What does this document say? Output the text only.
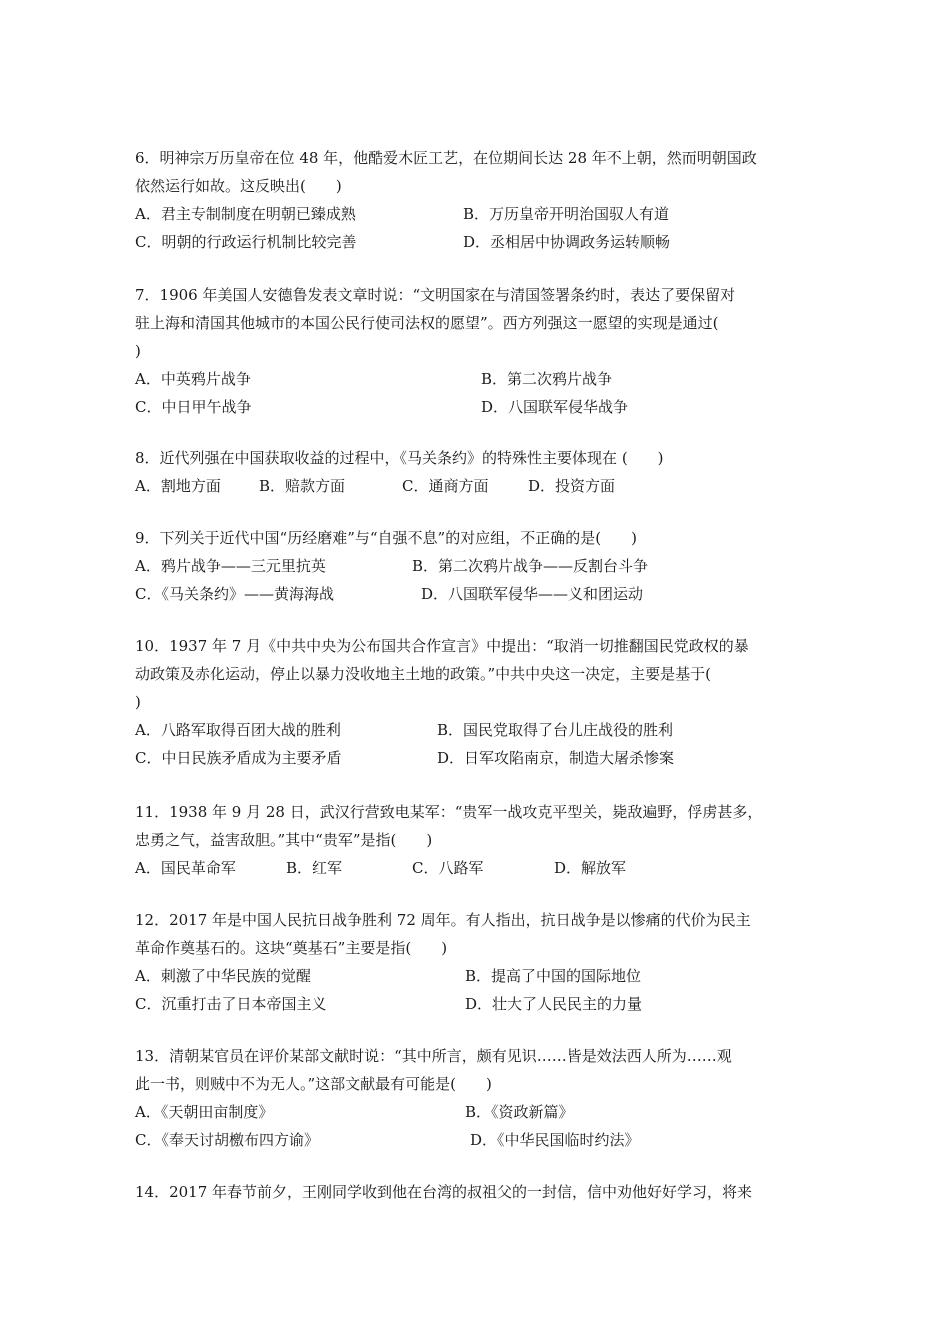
6．明神宗万历皇帝在位 48 年，他酷爱木匠工艺，在位期间长达 28 年不上朝，然而明朝国政
依然运行如故。这反映出(　　)
A．君主专制制度在明朝已臻成熟	B．万历皇帝开明治国驭人有道
C．明朝的行政运行机制比较完善	D．丞相居中协调政务运转顺畅
7．1906 年美国人安德鲁发表文章时说：“文明国家在与清国签署条约时，表达了要保留对
驻上海和清国其他城市的本国公民行使司法权的愿望”。西方列强这一愿望的实现是通过(
)
A．中英鸦片战争	B．第二次鸦片战争
C．中日甲午战争	D．八国联军侵华战争
8．近代列强在中国获取收益的过程中，《马关条约》的特殊性主要体现在 (　　)
A．割地方面	B．赔款方面	C．通商方面	D．投资方面
9．下列关于近代中国“历经磨难”与“自强不息”的对应组，不正确的是(　　)
A．鸦片战争——三元里抗英	B．第二次鸦片战争——反割台斗争
C．《马关条约》——黄海海战	D．八国联军侵华——义和团运动
10．1937 年 7 月《中共中央为公布国共合作宣言》中提出：“取消一切推翻国民党政权的暴
动政策及赤化运动，停止以暴力没收地主土地的政策。”中共中央这一决定，主要是基于(
)
A．八路军取得百团大战的胜利	B．国民党取得了台儿庄战役的胜利
C．中日民族矛盾成为主要矛盾	D．日军攻陷南京，制造大屠杀惨案
11．1938 年 9 月 28 日，武汉行营致电某军：“贵军一战攻克平型关，毙敌遍野，俘虏甚多，
忠勇之气，益害敌胆。”其中“贵军”是指(　　)
A．国民革命军	B．红军	C．八路军	D．解放军
12．2017 年是中国人民抗日战争胜利 72 周年。有人指出，抗日战争是以惨痛的代价为民主
革命作奠基石的。这块“奠基石”主要是指(　　)
A．刺激了中华民族的觉醒	B．提高了中国的国际地位
C．沉重打击了日本帝国主义	D．壮大了人民民主的力量
13．清朝某官员在评价某部文献时说：“其中所言，颇有见识……皆是效法西人所为……观
此一书，则贼中不为无人。”这部文献最有可能是(　　)
A．《天朝田亩制度》	B．《资政新篇》
C．《奉天讨胡檄布四方谕》	D．《中华民国临时约法》
14．2017 年春节前夕，王刚同学收到他在台湾的叔祖父的一封信，信中劝他好好学习，将来
